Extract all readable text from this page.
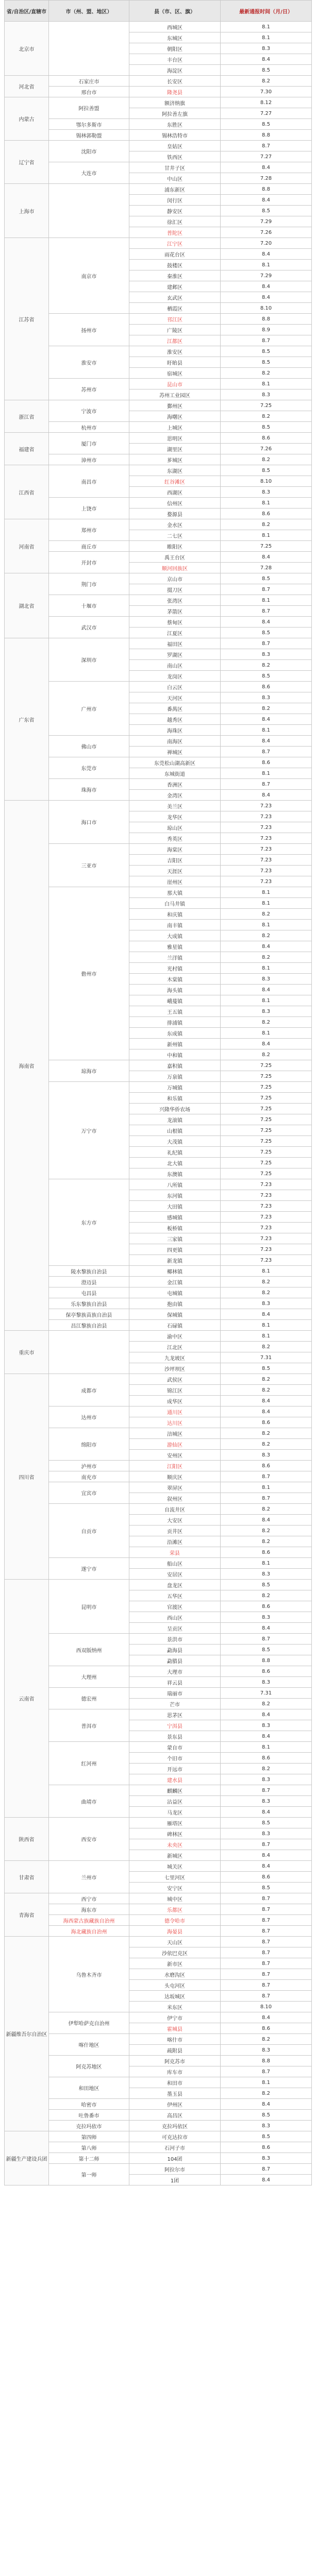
省/自治区/直辖市	市（州、盟、地区）	县（市、区、旗）	最新通报时间（月/日）
北京市		西城区	8.1
		东城区	8.1
		朝阳区	8.3
		丰台区	8.4
		海淀区	8.5
河北省	石家庄市	长安区	8.2
	邢台市	隆尧县	7.30
内蒙古	阿拉善盟	额济纳旗	8.12
		阿拉善左旗	7.27
	鄂尔多斯市	东胜区	8.5
	锡林郭勒盟	锡林浩特市	8.8
辽宁省	沈阳市	皇姑区	8.7
		铁西区	7.27
	大连市	甘井子区	8.4
		中山区	7.28
上海市		浦东新区	8.8
		闵行区	8.4
		静安区	8.5
		徐汇区	7.29
		普陀区	7.26
江苏省	南京市	江宁区	7.20
		雨花台区	8.4
		鼓楼区	8.1
		秦淮区	7.29
		建邺区	8.4
		玄武区	8.4
		栖霞区	8.10
	扬州市	邗江区	8.8
		广陵区	8.9
		江都区	8.7
	淮安市	淮安区	8.5
		盱眙县	8.5
		宿城区	8.2
	苏州市	昆山市	8.1
		苏州工业园区	8.3
浙江省	宁波市	鄞州区	7.25
		海曙区	8.2
	杭州市	上城区	8.5
福建省	厦门市	思明区	8.6
		湖里区	7.26
	漳州市	芗城区	8.2
江西省	南昌市	东湖区	8.5
		红谷滩区	8.10
		西湖区	8.3
	上饶市	信州区	8.1
		婺源县	8.6
河南省	郑州市	金水区	8.2
		二七区	8.1
	商丘市	睢阳区	7.25
	开封市	禹王台区	8.4
		顺河回族区	7.28
湖北省	荆门市	京山市	8.5
		掇刀区	8.7
	十堰市	张湾区	8.1
		茅箭区	8.7
	武汉市	蔡甸区	8.4
		江夏区	8.5
广东省	深圳市	福田区	8.7
		罗湖区	8.3
		南山区	8.2
		龙岗区	8.5
	广州市	白云区	8.6
		天河区	8.3
		番禺区	8.2
		越秀区	8.4
		海珠区	8.1
	佛山市	南海区	8.4
		禅城区	8.7
	东莞市	东莞松山湖高新区	8.6
		东城街道	8.1
	珠海市	香洲区	8.7
		金湾区	8.4
海南省	海口市	美兰区	7.23
		龙华区	7.23
		琼山区	7.23
		秀英区	7.23
	三亚市	海棠区	7.23
		吉阳区	7.23
		天涯区	7.23
		崖州区	7.23
	儋州市	那大镇	8.1
		白马井镇	8.1
		和庆镇	8.2
		南丰镇	8.1
		大成镇	8.2
		雅星镇	8.4
		兰洋镇	8.2
		光村镇	8.1
		木棠镇	8.3
		海头镇	8.4
		峨蔓镇	8.1
		王五镇	8.3
		排浦镇	8.2
		东成镇	8.1
		新州镇	8.4
		中和镇	8.2
	琼海市	嘉积镇	7.25
		万泉镇	7.25
	万宁市	万城镇	7.25
		和乐镇	7.25
		兴隆华侨农场	7.25
		龙滚镇	7.25
		山根镇	7.25
		大茂镇	7.25
		礼纪镇	7.25
		北大镇	7.25
		东澳镇	7.25
	东方市	八所镇	7.23
		东河镇	7.23
		大田镇	7.23
		感城镇	7.23
		板桥镇	7.23
		三家镇	7.23
		四更镇	7.23
		新龙镇	7.23
	陵水黎族自治县	椰林镇	8.1
	澄迈县	金江镇	8.2
	屯昌县	屯城镇	8.2
	乐东黎族自治县	抱由镇	8.3
	保亭黎族苗族自治县	保城镇	8.4
	昌江黎族自治县	石碌镇	8.1
重庆市		渝中区	8.1
		江北区	8.2
		九龙坡区	7.31
		沙坪坝区	8.5
四川省	成都市	武侯区	8.2
		锦江区	8.2
		成华区	8.4
	达州市	通川区	8.4
		达川区	8.6
	绵阳市	涪城区	8.2
		游仙区	8.2
		安州区	8.3
	泸州市	江阳区	8.6
	南充市	顺庆区	8.7
	宜宾市	翠屏区	8.1
		叙州区	8.7
	自贡市	自流井区	8.2
		大安区	8.4
		贡井区	8.2
		沿滩区	8.2
		荣县	8.6
	遂宁市	船山区	8.1
		安居区	8.3
云南省	昆明市	盘龙区	8.5
		五华区	8.2
		官渡区	8.6
		西山区	8.3
		呈贡区	8.4
	西双版纳州	景洪市	8.7
		勐海县	8.5
		勐腊县	8.8
	大理州	大理市	8.6
		祥云县	8.3
	德宏州	瑞丽市	7.31
		芒市	8.2
	普洱市	思茅区	8.4
		宁洱县	8.3
		景东县	8.4
	红河州	蒙自市	8.1
		个旧市	8.6
		开远市	8.2
		建水县	8.3
	曲靖市	麒麟区	8.7
		沾益区	8.3
		马龙区	8.4
陕西省	西安市	雁塔区	8.5
		碑林区	8.3
		未央区	8.7
		新城区	8.4
甘肃省	兰州市	城关区	8.4
		七里河区	8.6
		安宁区	8.5
青海省	西宁市	城中区	8.7
	海东市	乐都区	8.7
	海西蒙古族藏族自治州	德令哈市	8.7
	海北藏族自治州	海晏县	8.7
新疆维吾尔自治区	乌鲁木齐市	天山区	8.7
		沙依巴克区	8.7
		新市区	8.7
		水磨沟区	8.7
		头屯河区	8.7
		达坂城区	8.7
		米东区	8.10
	伊犁哈萨克自治州	伊宁市	8.4
		霍城县	8.6
	喀什地区	喀什市	8.2
		疏附县	8.3
	阿克苏地区	阿克苏市	8.8
		库车市	8.7
	和田地区	和田市	8.1
		墨玉县	8.2
	哈密市	伊州区	8.4
	吐鲁番市	高昌区	8.5
	克拉玛依市	克拉玛依区	8.3
新疆生产建设兵团	第四师	可克达拉市	8.5
	第八师	石河子市	8.6
	第十二师	104团	8.3
	第一师	阿拉尔市	8.7
		1团	8.4
